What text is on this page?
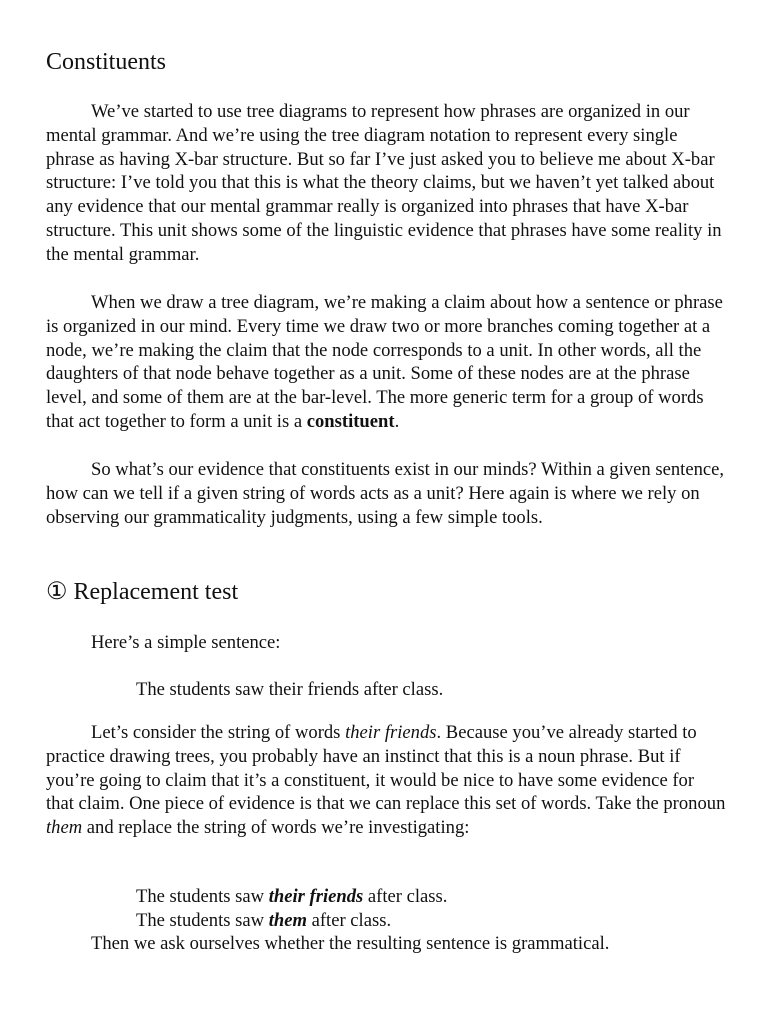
Constituents

We’ve started to use tree diagrams to represent how phrases are organized in our mental grammar. And we’re using the tree diagram notation to represent every single phrase as having X-bar structure. But so far I’ve just asked you to believe me about X-bar structure: I’ve told you that this is what the theory claims, but we haven’t yet talked about any evidence that our mental grammar really is organized into phrases that have X-bar structure. This unit shows some of the linguistic evidence that phrases have some reality in the mental grammar.

When we draw a tree diagram, we’re making a claim about how a sentence or phrase is organized in our mind. Every time we draw two or more branches coming together at a node, we’re making the claim that the node corresponds to a unit. In other words, all the daughters of that node behave together as a unit. Some of these nodes are at the phrase level, and some of them are at the bar-level. The more generic term for a group of words that act together to form a unit is a constituent.

So what’s our evidence that constituents exist in our minds? Within a given sentence, how can we tell if a given string of words acts as a unit? Here again is where we rely on observing our grammaticality judgments, using a few simple tools.

① Replacement test

Here’s a simple sentence:

The students saw their friends after class.

Let’s consider the string of words their friends. Because you’ve already started to practice drawing trees, you probably have an instinct that this is a noun phrase. But if you’re going to claim that it’s a constituent, it would be nice to have some evidence for that claim. One piece of evidence is that we can replace this set of words. Take the pronoun them and replace the string of words we’re investigating:

The students saw their friends after class.

The students saw them after class.

Then we ask ourselves whether the resulting sentence is grammatical.
